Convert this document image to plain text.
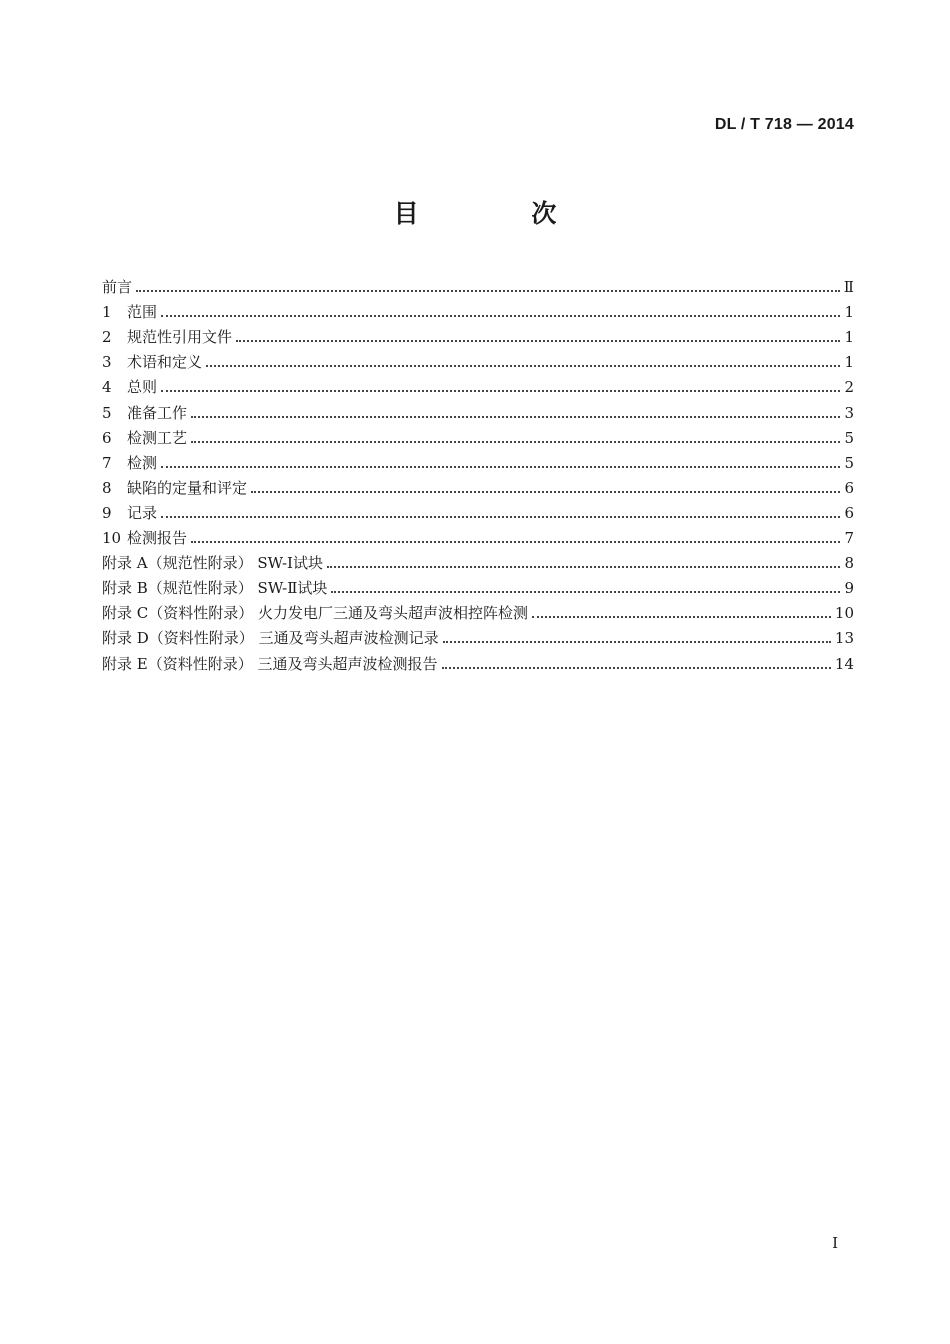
DL / T 718 — 2014
目 次
前言	Ⅱ
1	范围	1
2	规范性引用文件	1
3	术语和定义	1
4	总则	2
5	准备工作	3
6	检测工艺	5
7	检测	5
8	缺陷的定量和评定	6
9	记录	6
10 检测报告	7
附录 A（规范性附录） SW-Ⅰ试块	8
附录 B（规范性附录） SW-Ⅱ试块	9
附录 C（资料性附录） 火力发电厂三通及弯头超声波相控阵检测	10
附录 D（资料性附录） 三通及弯头超声波检测记录	13
附录 E（资料性附录） 三通及弯头超声波检测报告	14
I
